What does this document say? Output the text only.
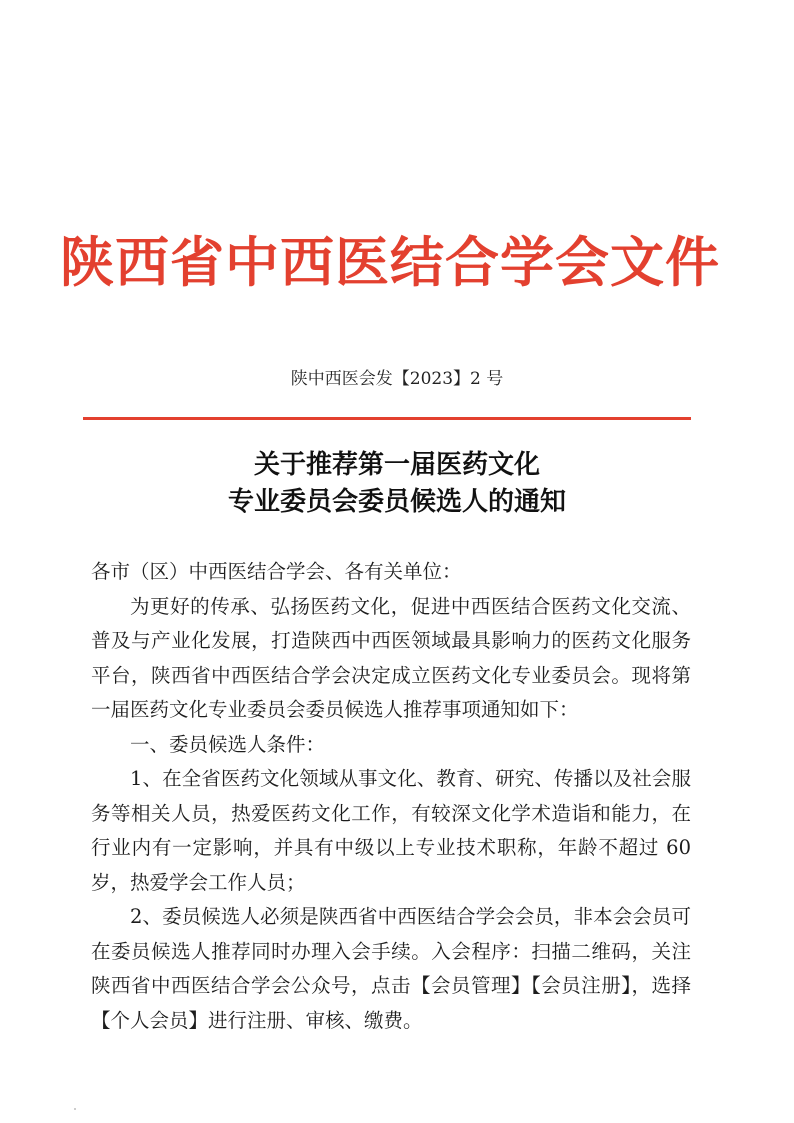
陕西省中西医结合学会文件
陕中西医会发【2023】2 号
关于推荐第一届医药文化
专业委员会委员候选人的通知

各市（区）中西医结合学会、各有关单位：

为更好的传承、弘扬医药文化，促进中西医结合医药文化交流、普及与产业化发展，打造陕西中西医领域最具影响力的医药文化服务平台，陕西省中西医结合学会决定成立医药文化专业委员会。现将第一届医药文化专业委员会委员候选人推荐事项通知如下：

一、委员候选人条件：

1、在全省医药文化领域从事文化、教育、研究、传播以及社会服务等相关人员，热爱医药文化工作，有较深文化学术造诣和能力，在行业内有一定影响，并具有中级以上专业技术职称，年龄不超过 60 岁，热爱学会工作人员；

2、委员候选人必须是陕西省中西医结合学会会员，非本会会员可在委员候选人推荐同时办理入会手续。入会程序：扫描二维码，关注陕西省中西医结合学会公众号，点击【会员管理】【会员注册】，选择【个人会员】进行注册、审核、缴费。
